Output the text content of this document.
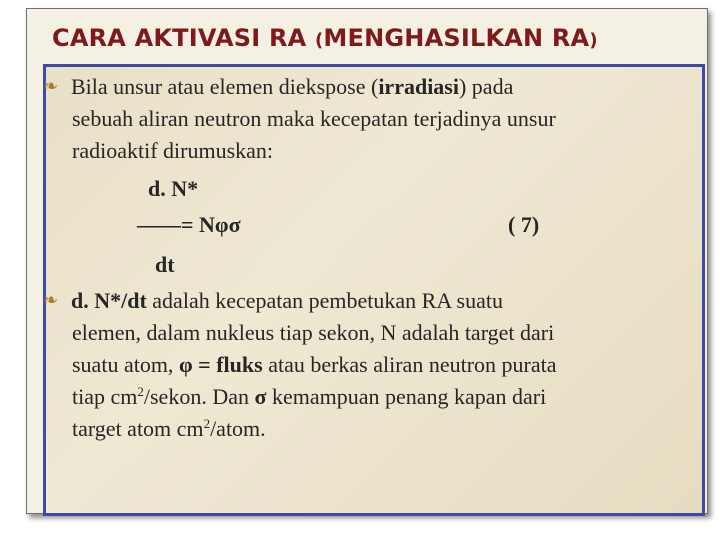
CARA AKTIVASI RA (MENGHASILKAN RA)
❧ Bila unsur atau elemen diekspose (irradiasi) pada
sebuah aliran neutron maka kecepatan terjadinya unsur
radioaktif dirumuskan:
d. N*
——= Nφσ	( 7)
dt
❧ d. N*/dt adalah kecepatan pembetukan RA suatu
elemen, dalam nukleus tiap sekon, N adalah target dari
suatu atom, φ = fluks atau berkas aliran neutron purata
tiap $cm^2$/sekon. Dan σ kemampuan penang kapan dari
target atom $cm^2$/atom.
